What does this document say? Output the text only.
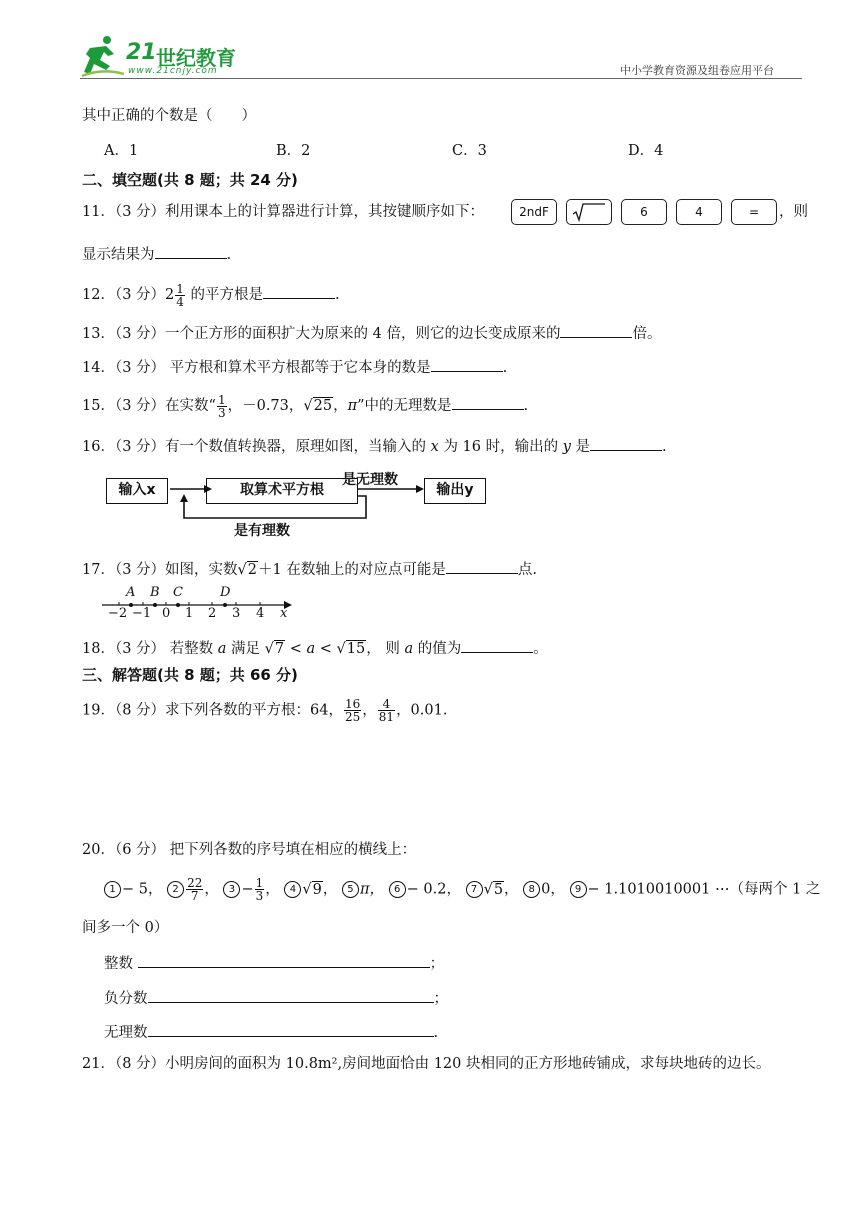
21 世纪教育
www.21cnjy.com	中小学教育资源及组卷应用平台
其中正确的个数是（　　）
A．1	B．2	C．3	D．4
二、填空题(共 8 题；共 24 分)
11．（3 分）利用课本上的计算器进行计算，其按键顺序如下：	2ndF	6	4	=	，则
显示结果为	.
12．（3 分）$2 \frac{1}{4}$ 的平方根是	.
13．（3 分）一个正方形的面积扩大为原来的 4 倍，则它的边长变成原来的	倍。
14．（3 分） 平方根和算术平方根都等于它本身的数是	.
15．（3 分）在实数“ $\frac{1}{3}$ ，－0.73，√25，π”中的无理数是	.
16．（3 分）有一个数值转换器，原理如图，当输入的 x 为 16 时，输出的 y 是	.
输入x	取算术平方根	输出y
是无理数
是有理数
17．（3 分）如图，实数√2＋1 在数轴上的对应点可能是	点.
A B C	D
−2 −1 0 1 2 3 4 x
18．（3 分） 若整数 a 满足 √7 < a < √15， 则 a 的值为	。
三、解答题(共 8 题；共 66 分)
19．（8 分）求下列各数的平方根：64， $\frac{16}{25}$ ， $\frac{4}{81}$ ，0.01.
20．（6 分） 把下列各数的序号填在相应的横线上：
1 − 5， $2 \frac{22}{7}$ ， $3 - \frac{1}{3}$ ， 4 √9， 5 π， 6 − 0.2， 7 √5， 8 0， 9 − 1.1010010001 ⋯（每两个 1 之
间多一个 0）
整数	；
负分数	；
无理数	.
21．（8 分）小明房间的面积为 10.8m²,房间地面恰由 120 块相同的正方形地砖铺成，求每块地砖的边长。
